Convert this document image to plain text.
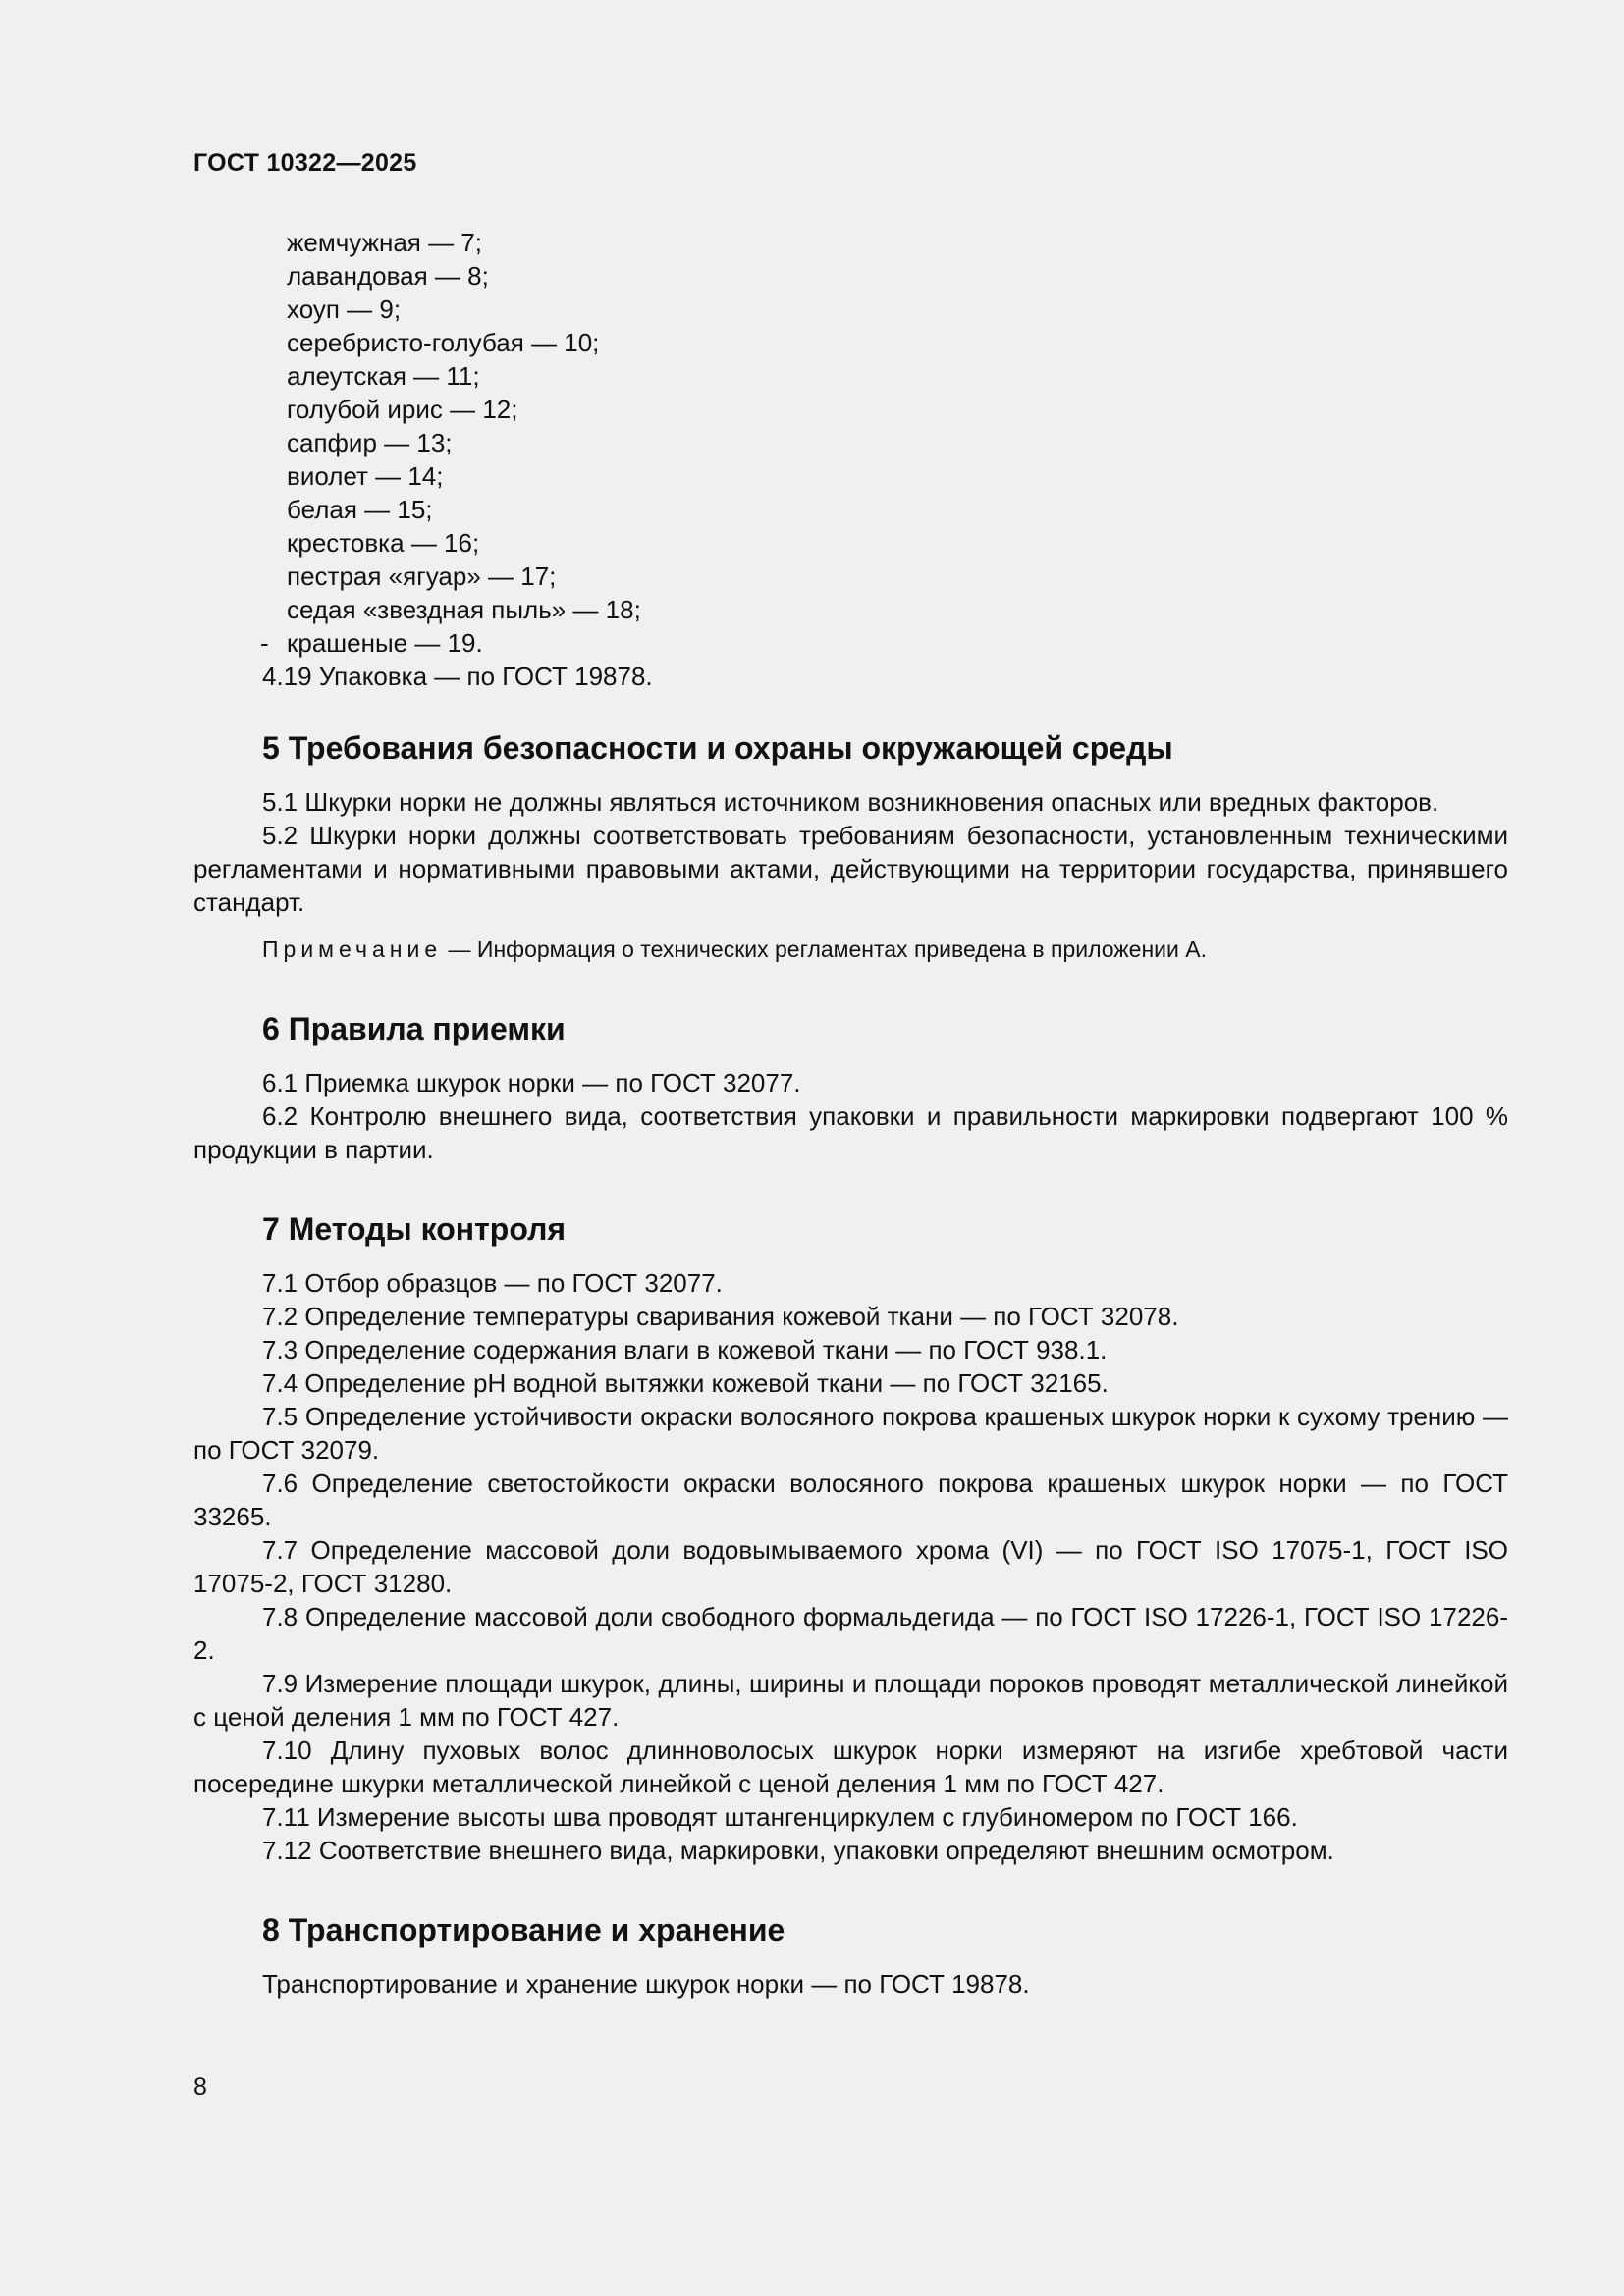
ГОСТ 10322—2025
жемчужная — 7;
лавандовая — 8;
хоуп — 9;
серебристо-голубая — 10;
алеутская — 11;
голубой ирис — 12;
сапфир — 13;
виолет — 14;
белая — 15;
крестовка — 16;
пестрая «ягуар» — 17;
седая «звездная пыль» — 18;
- крашеные — 19.
4.19 Упаковка — по ГОСТ 19878.
5 Требования безопасности и охраны окружающей среды
5.1 Шкурки норки не должны являться источником возникновения опасных или вредных факторов.
5.2 Шкурки норки должны соответствовать требованиям безопасности, установленным техническими регламентами и нормативными правовыми актами, действующими на территории государства, принявшего стандарт.
Примечание — Информация о технических регламентах приведена в приложении А.
6 Правила приемки
6.1 Приемка шкурок норки — по ГОСТ 32077.
6.2 Контролю внешнего вида, соответствия упаковки и правильности маркировки подвергают 100 % продукции в партии.
7 Методы контроля
7.1 Отбор образцов — по ГОСТ 32077.
7.2 Определение температуры сваривания кожевой ткани — по ГОСТ 32078.
7.3 Определение содержания влаги в кожевой ткани — по ГОСТ 938.1.
7.4 Определение рН водной вытяжки кожевой ткани — по ГОСТ 32165.
7.5 Определение устойчивости окраски волосяного покрова крашеных шкурок норки к сухому трению — по ГОСТ 32079.
7.6 Определение светостойкости окраски волосяного покрова крашеных шкурок норки — по ГОСТ 33265.
7.7 Определение массовой доли водовымываемого хрома (VI) — по ГОСТ ISO 17075-1, ГОСТ ISO 17075-2, ГОСТ 31280.
7.8 Определение массовой доли свободного формальдегида — по ГОСТ ISO 17226-1, ГОСТ ISO 17226-2.
7.9 Измерение площади шкурок, длины, ширины и площади пороков проводят металлической линейкой с ценой деления 1 мм по ГОСТ 427.
7.10 Длину пуховых волос длинноволосых шкурок норки измеряют на изгибе хребтовой части посередине шкурки металлической линейкой с ценой деления 1 мм по ГОСТ 427.
7.11 Измерение высоты шва проводят штангенциркулем с глубиномером по ГОСТ 166.
7.12 Соответствие внешнего вида, маркировки, упаковки определяют внешним осмотром.
8 Транспортирование и хранение
Транспортирование и хранение шкурок норки — по ГОСТ 19878.
8
